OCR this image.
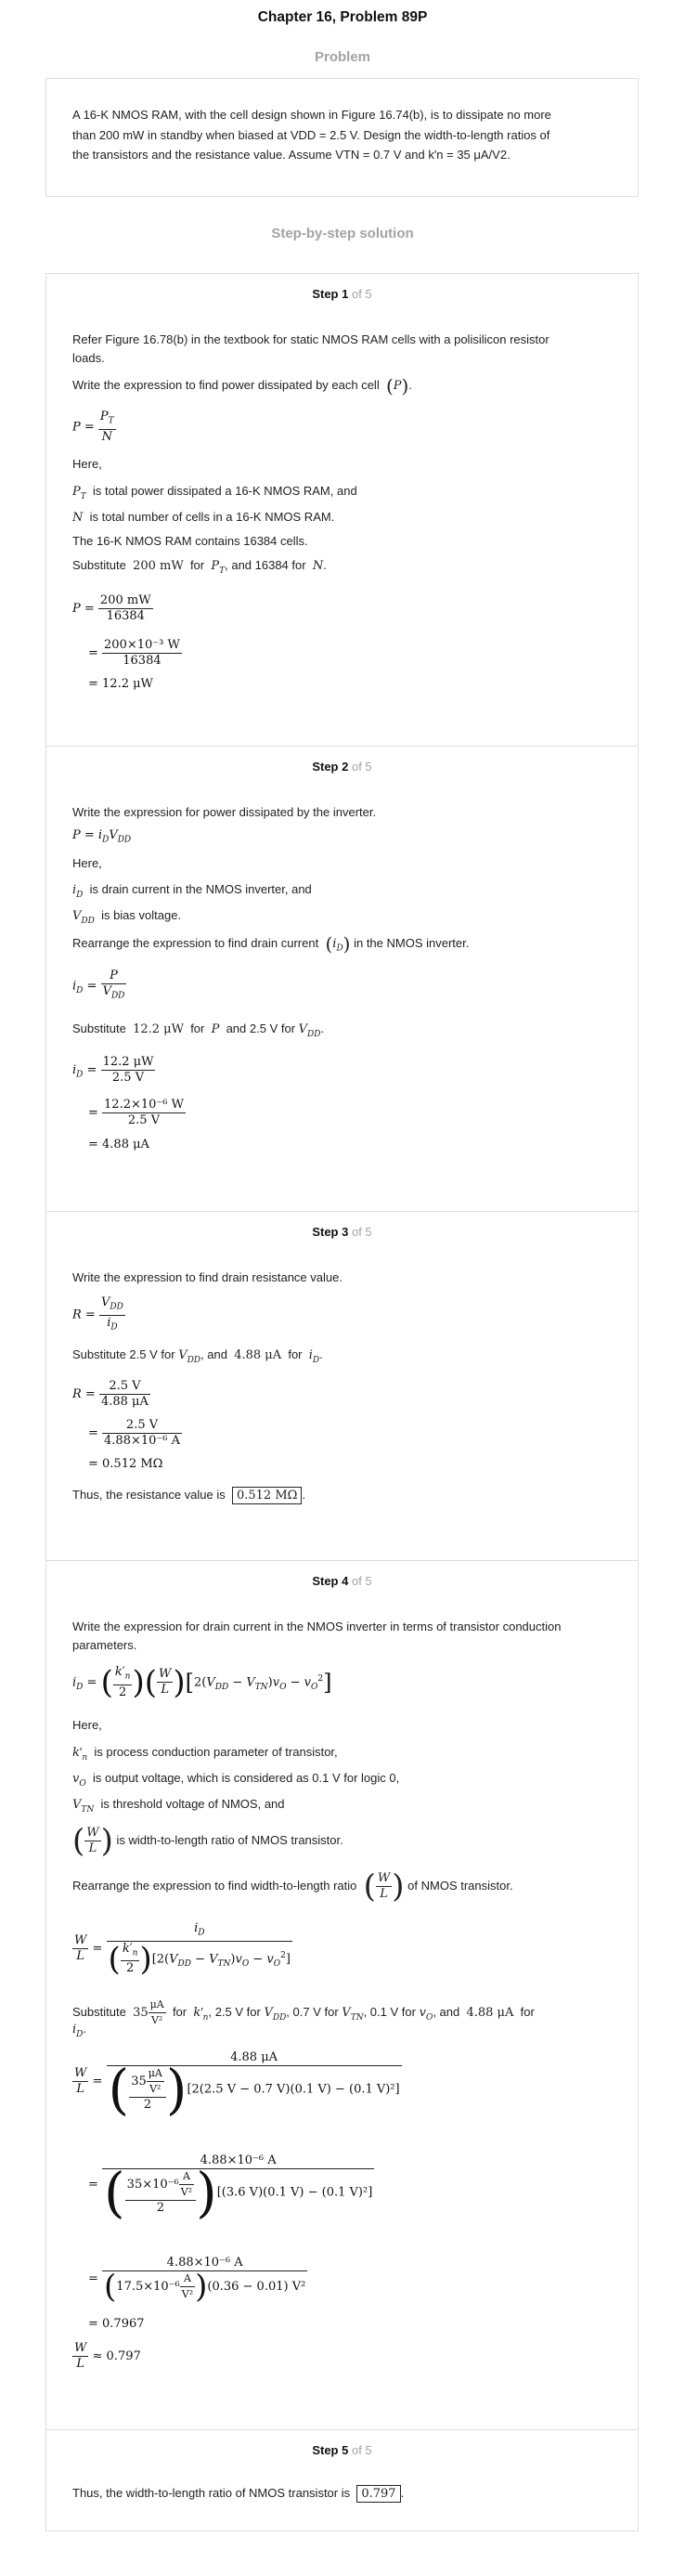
Chapter 16, Problem 89P
Problem
A 16-K NMOS RAM, with the cell design shown in Figure 16.74(b), is to dissipate no more
than 200 mW in standby when biased at VDD = 2.5 V. Design the width-to-length ratios of
the transistors and the resistance value. Assume VTN = 0.7 V and k′n = 35 μA/V2.
Step-by-step solution
Step 1 of 5
Refer Figure 16.78(b) in the textbook for static NMOS RAM cells with a polisilicon resistor
loads.
Write the expression to find power dissipated by each cell (P).
$P = \frac{P_T}{N}$
Here,
$P_T$ is total power dissipated a 16-K NMOS RAM, and
N is total number of cells in a 16-K NMOS RAM.
The 16-K NMOS RAM contains 16384 cells.
Substitute 200 mW for $P_T$, and 16384 for N.
$P = \frac{200 mW}{16384}$
= $\frac{\text{200×10⁻³ W}}{16384}$
= 12.2 μW
Step 2 of 5
Write the expression for power dissipated by the inverter.
$P = i_DV_{DD}$
Here,
$i_D$ is drain current in the NMOS inverter, and
$V_{DD}$ is bias voltage.
Rearrange the expression to find drain current $(i_D)$ in the NMOS inverter.
$i_D = \frac{P}{V_{DD}}$
Substitute 12.2 μW for P and 2.5 V for $V_{DD}$.
$i_D = \frac{12.2 \mu W}{2.5 V}$
= $\frac{\text{12.2×10⁻⁶ W}}{2.5 V}$
= 4.88 μA
Step 3 of 5
Write the expression to find drain resistance value.
$R = \frac{V_{DD}}{i_D}$
Substitute 2.5 V for $V_{DD}$, and 4.88 μA for $i_D$.
$R = \frac{2.5 V}{4.88 \mu A}$
= $\frac{2.5 V}{\text{4.88×10⁻⁶ A}}$
= 0.512 MΩ
Thus, the resistance value is 0.512 MΩ .
Step 4 of 5
Write the expression for drain current in the NMOS inverter in terms of transistor conduction
parameters.
$i_D$ = ( $\frac{k'_n}{2}$ )( $\frac{W}{L} )[2(V_{DD} - V_{TN})v_O - v_O^2]$
Here,
$k'_n$ is process conduction parameter of transistor,
$v_O$ is output voltage, which is considered as 0.1 V for logic 0,
$V_{TN}$ is threshold voltage of NMOS, and
( $\frac{W}{L}$ ) is width-to-length ratio of NMOS transistor.
Rearrange the expression to find width-to-length ratio ( $\frac{W}{L}$ ) of NMOS transistor.
$\frac{W}{L} = \frac{i_D}{( \frac{k'_n}{2} )[2(V_{DD} - V_{TN})v_O - v_O^2]}$
Substitute $35 \frac{\mu A}{\text{V²}}$ for $k'_n$, 2.5 V for $V_{DD}$, 0.7 V for $V_{TN}$, 0.1 V for $v_O$, and 4.88 μA for
$i_D$.
$\frac{W}{L} = \frac{4.88 \mu A}{( \frac{35 \frac{\mu A}{\text{V²}}}{2} )[2(2.5 V - 0.7 V)(0.1 V) - (0.1 V)^2]}$
= $\frac{\text{4.88×10⁻⁶ A}}{( \frac{35\times 10^{-6} \frac{A}{\text{V²}}}{2} )[(3.6 V)(0.1 V) - (0.1 V)^2]}$
= $\frac{\text{4.88×10⁻⁶ A}}{(17.5\times 10^{-6} \frac{A}{\text{V²}} )(0.36 - 0.01) V^2}$
= 0.7967
$\frac{W}{L} \approx 0.797$
Step 5 of 5
Thus, the width-to-length ratio of NMOS transistor is 0.797 .
